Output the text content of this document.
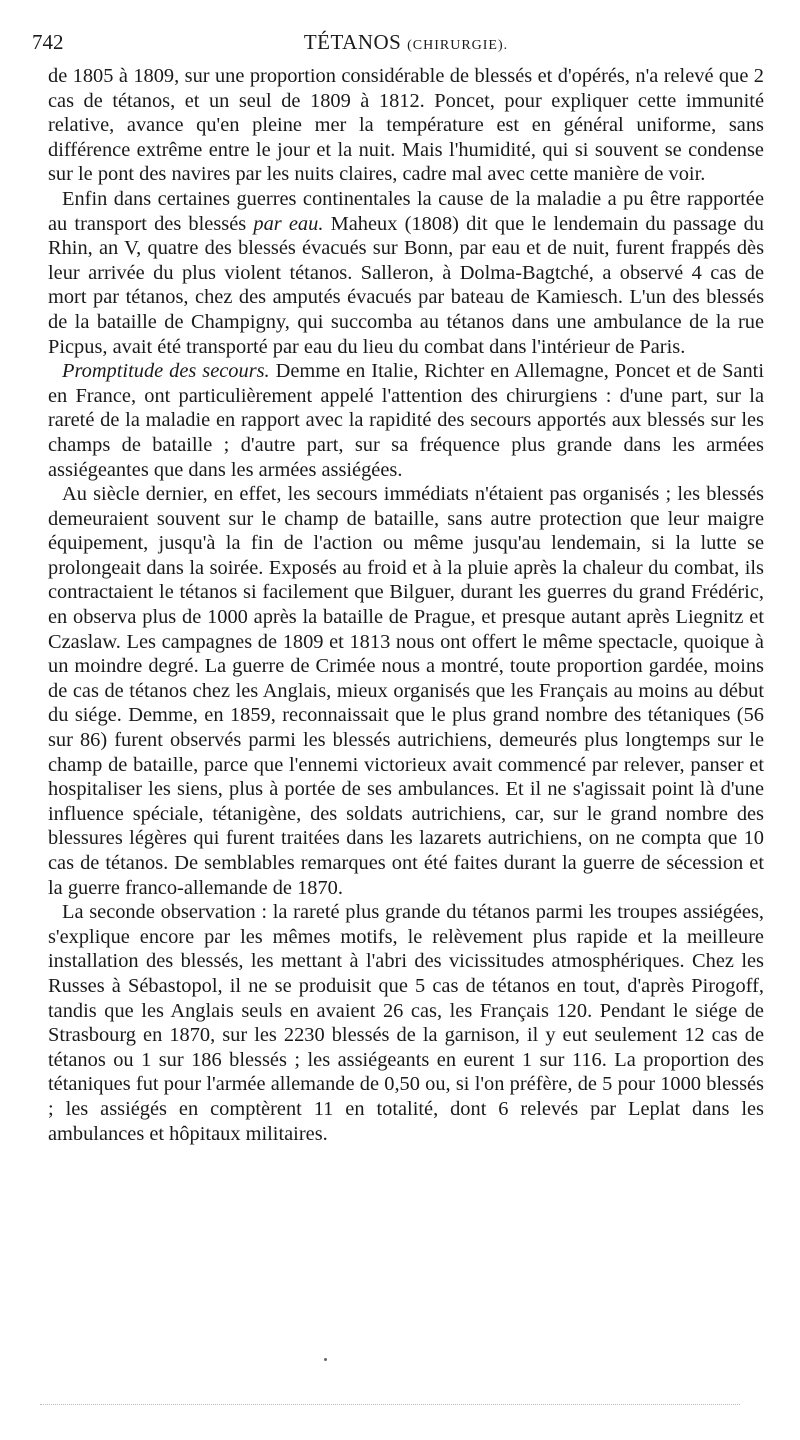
742	TÉTANOS (CHIRURGIE).

de 1805 à 1809, sur une proportion considérable de blessés et d'opérés, n'a relevé que 2 cas de tétanos, et un seul de 1809 à 1812. Poncet, pour expliquer cette immunité relative, avance qu'en pleine mer la température est en général uniforme, sans différence extrême entre le jour et la nuit. Mais l'humidité, qui si souvent se condense sur le pont des navires par les nuits claires, cadre mal avec cette manière de voir.

Enfin dans certaines guerres continentales la cause de la maladie a pu être rapportée au transport des blessés par eau. Maheux (1808) dit que le lendemain du passage du Rhin, an V, quatre des blessés évacués sur Bonn, par eau et de nuit, furent frappés dès leur arrivée du plus violent tétanos. Salleron, à Dolma-Bagtché, a observé 4 cas de mort par tétanos, chez des amputés évacués par bateau de Kamiesch. L'un des blessés de la bataille de Champigny, qui succomba au tétanos dans une ambulance de la rue Picpus, avait été transporté par eau du lieu du combat dans l'intérieur de Paris.

Promptitude des secours. Demme en Italie, Richter en Allemagne, Poncet et de Santi en France, ont particulièrement appelé l'attention des chirurgiens : d'une part, sur la rareté de la maladie en rapport avec la rapidité des secours apportés aux blessés sur les champs de bataille ; d'autre part, sur sa fréquence plus grande dans les armées assiégeantes que dans les armées assiégées.

Au siècle dernier, en effet, les secours immédiats n'étaient pas organisés ; les blessés demeuraient souvent sur le champ de bataille, sans autre protection que leur maigre équipement, jusqu'à la fin de l'action ou même jusqu'au lendemain, si la lutte se prolongeait dans la soirée. Exposés au froid et à la pluie après la chaleur du combat, ils contractaient le tétanos si facilement que Bilguer, durant les guerres du grand Frédéric, en observa plus de 1000 après la bataille de Prague, et presque autant après Liegnitz et Czaslaw. Les campagnes de 1809 et 1813 nous ont offert le même spectacle, quoique à un moindre degré. La guerre de Crimée nous a montré, toute proportion gardée, moins de cas de tétanos chez les Anglais, mieux organisés que les Français au moins au début du siége. Demme, en 1859, reconnaissait que le plus grand nombre des tétaniques (56 sur 86) furent observés parmi les blessés autrichiens, demeurés plus longtemps sur le champ de bataille, parce que l'ennemi victorieux avait commencé par relever, panser et hospitaliser les siens, plus à portée de ses ambulances. Et il ne s'agissait point là d'une influence spéciale, tétanigène, des soldats autrichiens, car, sur le grand nombre des blessures légères qui furent traitées dans les lazarets autrichiens, on ne compta que 10 cas de tétanos. De semblables remarques ont été faites durant la guerre de sécession et la guerre franco-allemande de 1870.

La seconde observation : la rareté plus grande du tétanos parmi les troupes assiégées, s'explique encore par les mêmes motifs, le relèvement plus rapide et la meilleure installation des blessés, les mettant à l'abri des vicissitudes atmosphériques. Chez les Russes à Sébastopol, il ne se produisit que 5 cas de tétanos en tout, d'après Pirogoff, tandis que les Anglais seuls en avaient 26 cas, les Français 120. Pendant le siége de Strasbourg en 1870, sur les 2230 blessés de la garnison, il y eut seulement 12 cas de tétanos ou 1 sur 186 blessés ; les assiégeants en eurent 1 sur 116. La proportion des tétaniques fut pour l'armée allemande de 0,50 ou, si l'on préfère, de 5 pour 1000 blessés ; les assiégés en comptèrent 11 en totalité, dont 6 relevés par Leplat dans les ambulances et hôpitaux militaires.
